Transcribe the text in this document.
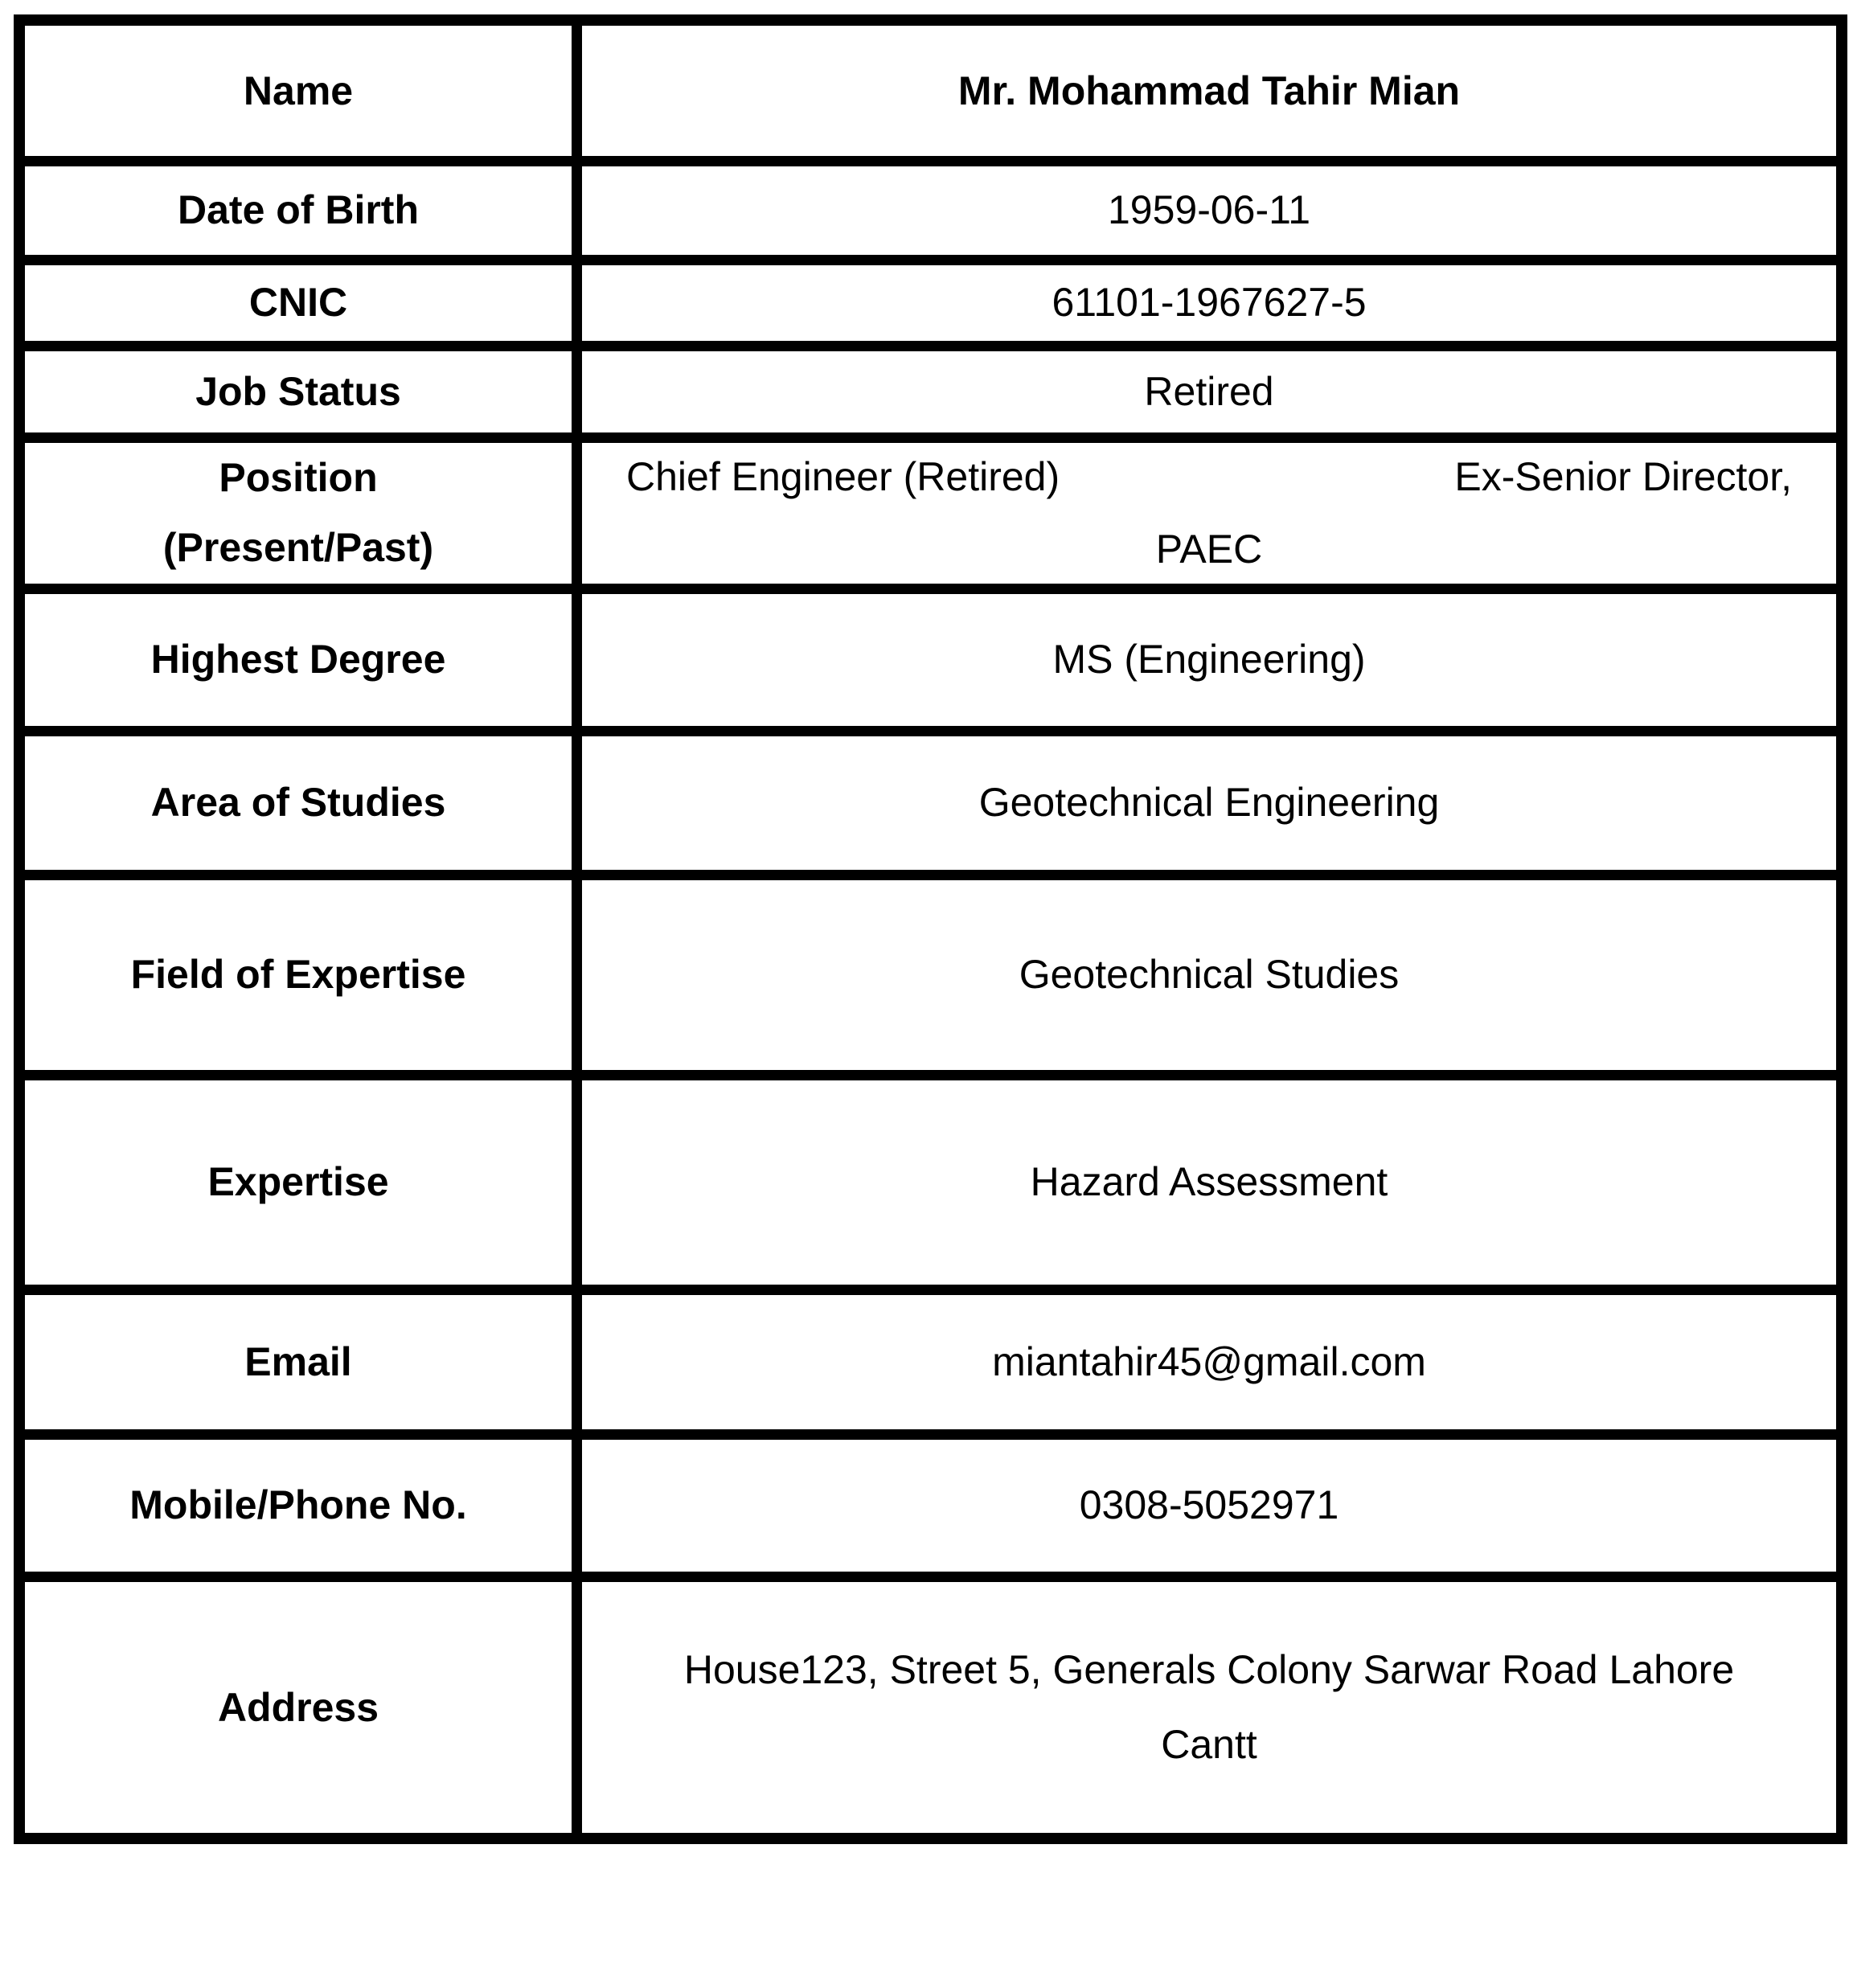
Name	Mr. Mohammad Tahir Mian
Date of Birth	1959-06-11
CNIC	61101-1967627-5
Job Status	Retired

Position (Present/Past)	Chief Engineer (Retired) Ex-Senior Director,
PAEC

Highest Degree	MS (Engineering)
Area of Studies	Geotechnical Engineering
Field of Expertise	Geotechnical Studies
Expertise	Hazard Assessment
Email	miantahir45@gmail.com
Mobile/Phone No.	0308-5052971
Address	House123, Street 5, Generals Colony Sarwar Road Lahore Cantt
